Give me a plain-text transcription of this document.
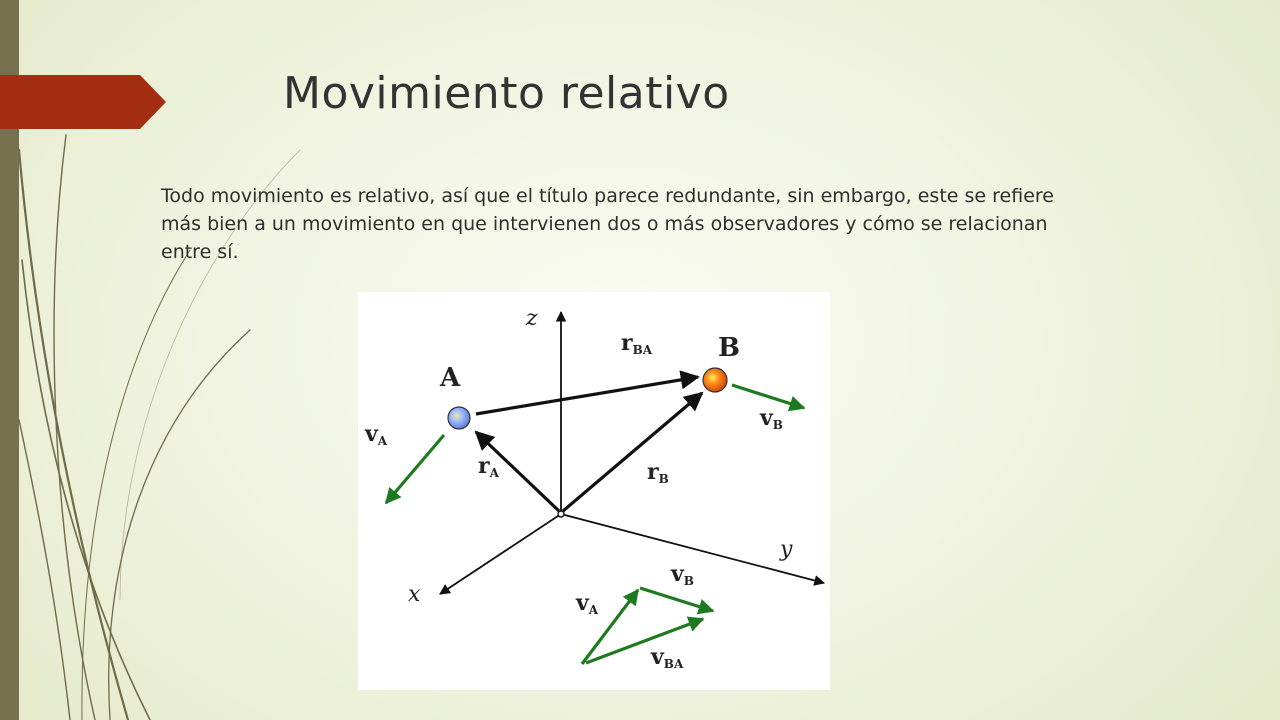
Movimiento relativo

Todo movimiento es relativo, así que el título parece redundante, sin embargo, este se refiere más bien a un movimiento en que intervienen dos o más observadores y cómo se relacionan entre sí.

z
y
x
A
B
rBA
rA	rB
vA
vB
vB
vA
vBA
